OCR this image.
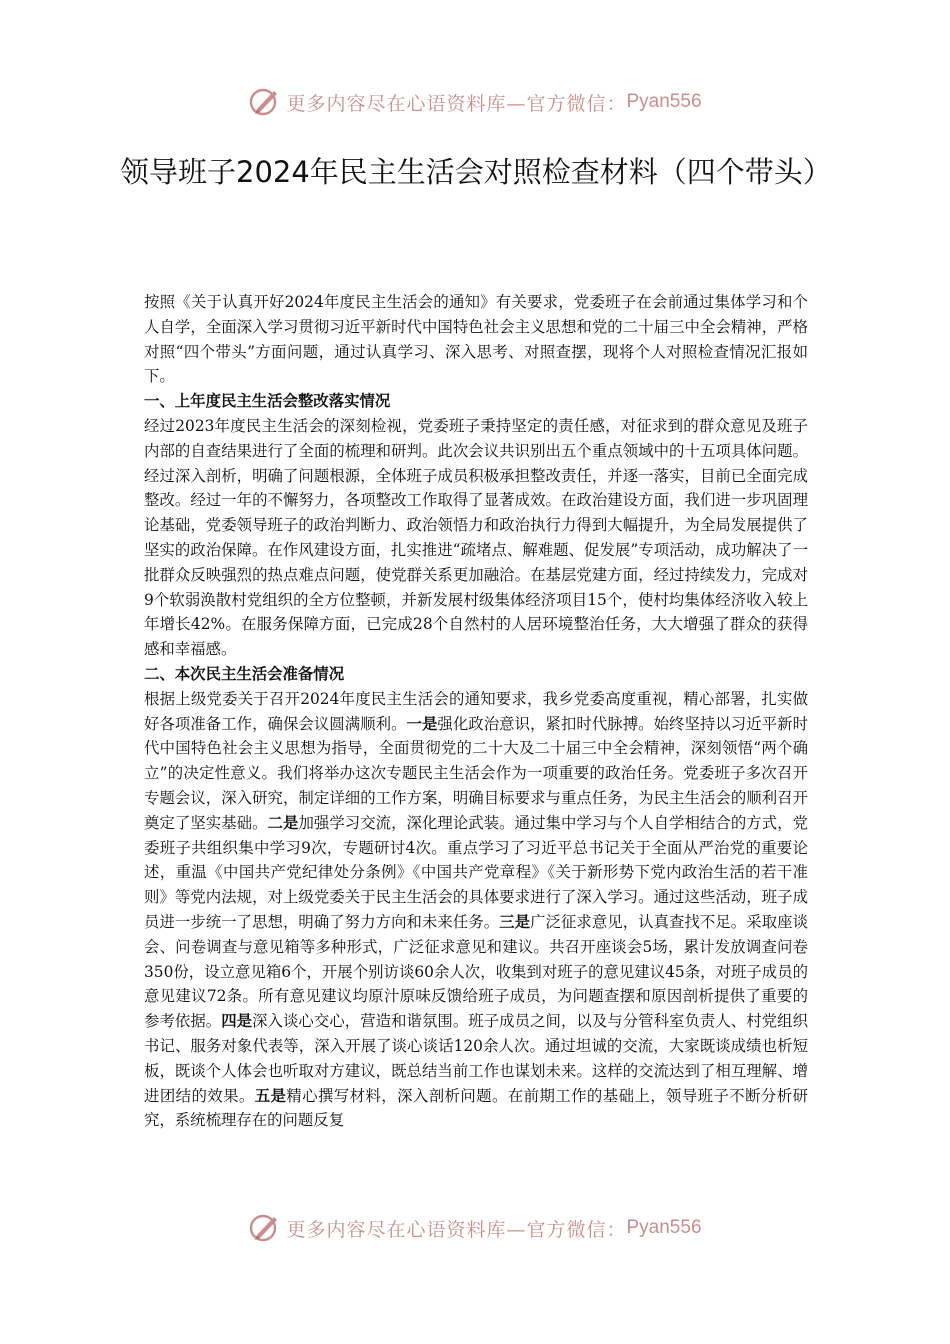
更多内容尽在心语资料库—官方微信： Pyan556
领导班子2024年民主生活会对照检查材料（四个带头）

按照《关于认真开好2024年度民主生活会的通知》有关要求，党委班子在会前通过集体学习和个人自学，全面深入学习贯彻习近平新时代中国特色社会主义思想和党的二十届三中全会精神，严格对照“四个带头”方面问题，通过认真学习、深入思考、对照查摆，现将个人对照检查情况汇报如下。

一、上年度民主生活会整改落实情况

经过2023年度民主生活会的深刻检视，党委班子秉持坚定的责任感，对征求到的群众意见及班子内部的自查结果进行了全面的梳理和研判。此次会议共识别出五个重点领域中的十五项具体问题。经过深入剖析，明确了问题根源，全体班子成员积极承担整改责任，并逐一落实，目前已全面完成整改。经过一年的不懈努力，各项整改工作取得了显著成效。在政治建设方面，我们进一步巩固理论基础，党委领导班子的政治判断力、政治领悟力和政治执行力得到大幅提升，为全局发展提供了坚实的政治保障。在作风建设方面，扎实推进“疏堵点、解难题、促发展”专项活动，成功解决了一批群众反映强烈的热点难点问题，使党群关系更加融洽。在基层党建方面，经过持续发力，完成对9个软弱涣散村党组织的全方位整顿，并新发展村级集体经济项目15个，使村均集体经济收入较上年增长42%。在服务保障方面，已完成28个自然村的人居环境整治任务，大大增强了群众的获得感和幸福感。

二、本次民主生活会准备情况

根据上级党委关于召开2024年度民主生活会的通知要求，我乡党委高度重视，精心部署，扎实做好各项准备工作，确保会议圆满顺利。一是强化政治意识，紧扣时代脉搏。始终坚持以习近平新时代中国特色社会主义思想为指导，全面贯彻党的二十大及二十届三中全会精神，深刻领悟“两个确立”的决定性意义。我们将举办这次专题民主生活会作为一项重要的政治任务。党委班子多次召开专题会议，深入研究，制定详细的工作方案，明确目标要求与重点任务，为民主生活会的顺利召开奠定了坚实基础。二是加强学习交流，深化理论武装。通过集中学习与个人自学相结合的方式，党委班子共组织集中学习9次，专题研讨4次。重点学习了习近平总书记关于全面从严治党的重要论述，重温《中国共产党纪律处分条例》《中国共产党章程》《关于新形势下党内政治生活的若干准则》等党内法规，对上级党委关于民主生活会的具体要求进行了深入学习。通过这些活动，班子成员进一步统一了思想，明确了努力方向和未来任务。三是广泛征求意见，认真查找不足。采取座谈会、问卷调查与意见箱等多种形式，广泛征求意见和建议。共召开座谈会5场，累计发放调查问卷350份，设立意见箱6个，开展个别访谈60余人次，收集到对班子的意见建议45条，对班子成员的意见建议72条。所有意见建议均原汁原味反馈给班子成员，为问题查摆和原因剖析提供了重要的参考依据。四是深入谈心交心，营造和谐氛围。班子成员之间，以及与分管科室负责人、村党组织书记、服务对象代表等，深入开展了谈心谈话120余人次。通过坦诚的交流，大家既谈成绩也析短板，既谈个人体会也听取对方建议，既总结当前工作也谋划未来。这样的交流达到了相互理解、增进团结的效果。五是精心撰写材料，深入剖析问题。在前期工作的基础上，领导班子不断分析研究，系统梳理存在的问题反复

更多内容尽在心语资料库—官方微信： Pyan556
